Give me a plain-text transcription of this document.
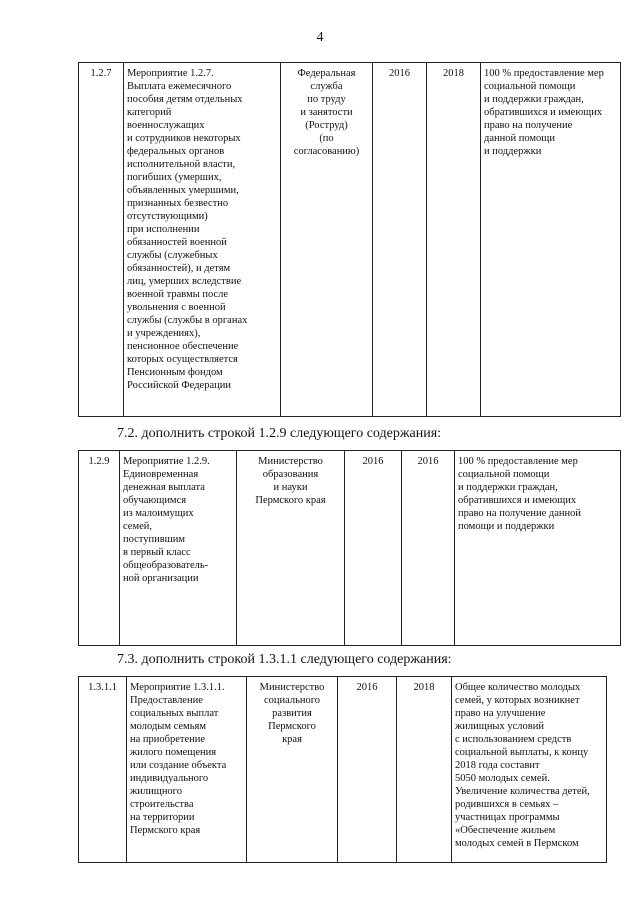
4
1.2.7	Мероприятие 1.2.7.
Выплата ежемесячного
пособия детям отдельных
категорий
военнослужащих
и сотрудников некоторых
федеральных органов
исполнительной власти,
погибших (умерших,
объявленных умершими,
признанных безвестно
отсутствующими)
при исполнении
обязанностей военной
службы (служебных
обязанностей), и детям
лиц, умерших вследствие
военной травмы после
увольнения с военной
службы (службы в органах
и учреждениях),
пенсионное обеспечение
которых осуществляется
Пенсионным фондом
Российской Федерации	Федеральная
служба
по труду
и занятости
(Роструд)
(по
согласованию)	2016	2018	100 % предоставление мер
социальной помощи
и поддержки граждан,
обратившихся и имеющих
право на получение
данной помощи
и поддержки
7.2. дополнить строкой 1.2.9 следующего содержания:
1.2.9	Мероприятие 1.2.9.
Единовременная
денежная выплата
обучающимся
из малоимущих
семей,
поступившим
в первый класс
общеобразователь-
ной организации	Министерство
образования
и науки
Пермского края	2016	2016	100 % предоставление мер
социальной помощи
и поддержки граждан,
обратившихся и имеющих
право на получение данной
помощи и поддержки
7.3. дополнить строкой 1.3.1.1 следующего содержания:
1.3.1.1	Мероприятие 1.3.1.1.
Предоставление
социальных выплат
молодым семьям
на приобретение
жилого помещения
или создание объекта
индивидуального
жилищного
строительства
на территории
Пермского края	Министерство
социального
развития
Пермского
края	2016	2018	Общее количество молодых
семей, у которых возникнет
право на улучшение
жилищных условий
с использованием средств
социальной выплаты, к концу
2018 года составит
5050 молодых семей.
Увеличение количества детей,
родившихся в семьях –
участницах программы
«Обеспечение жильем
молодых семей в Пермском
